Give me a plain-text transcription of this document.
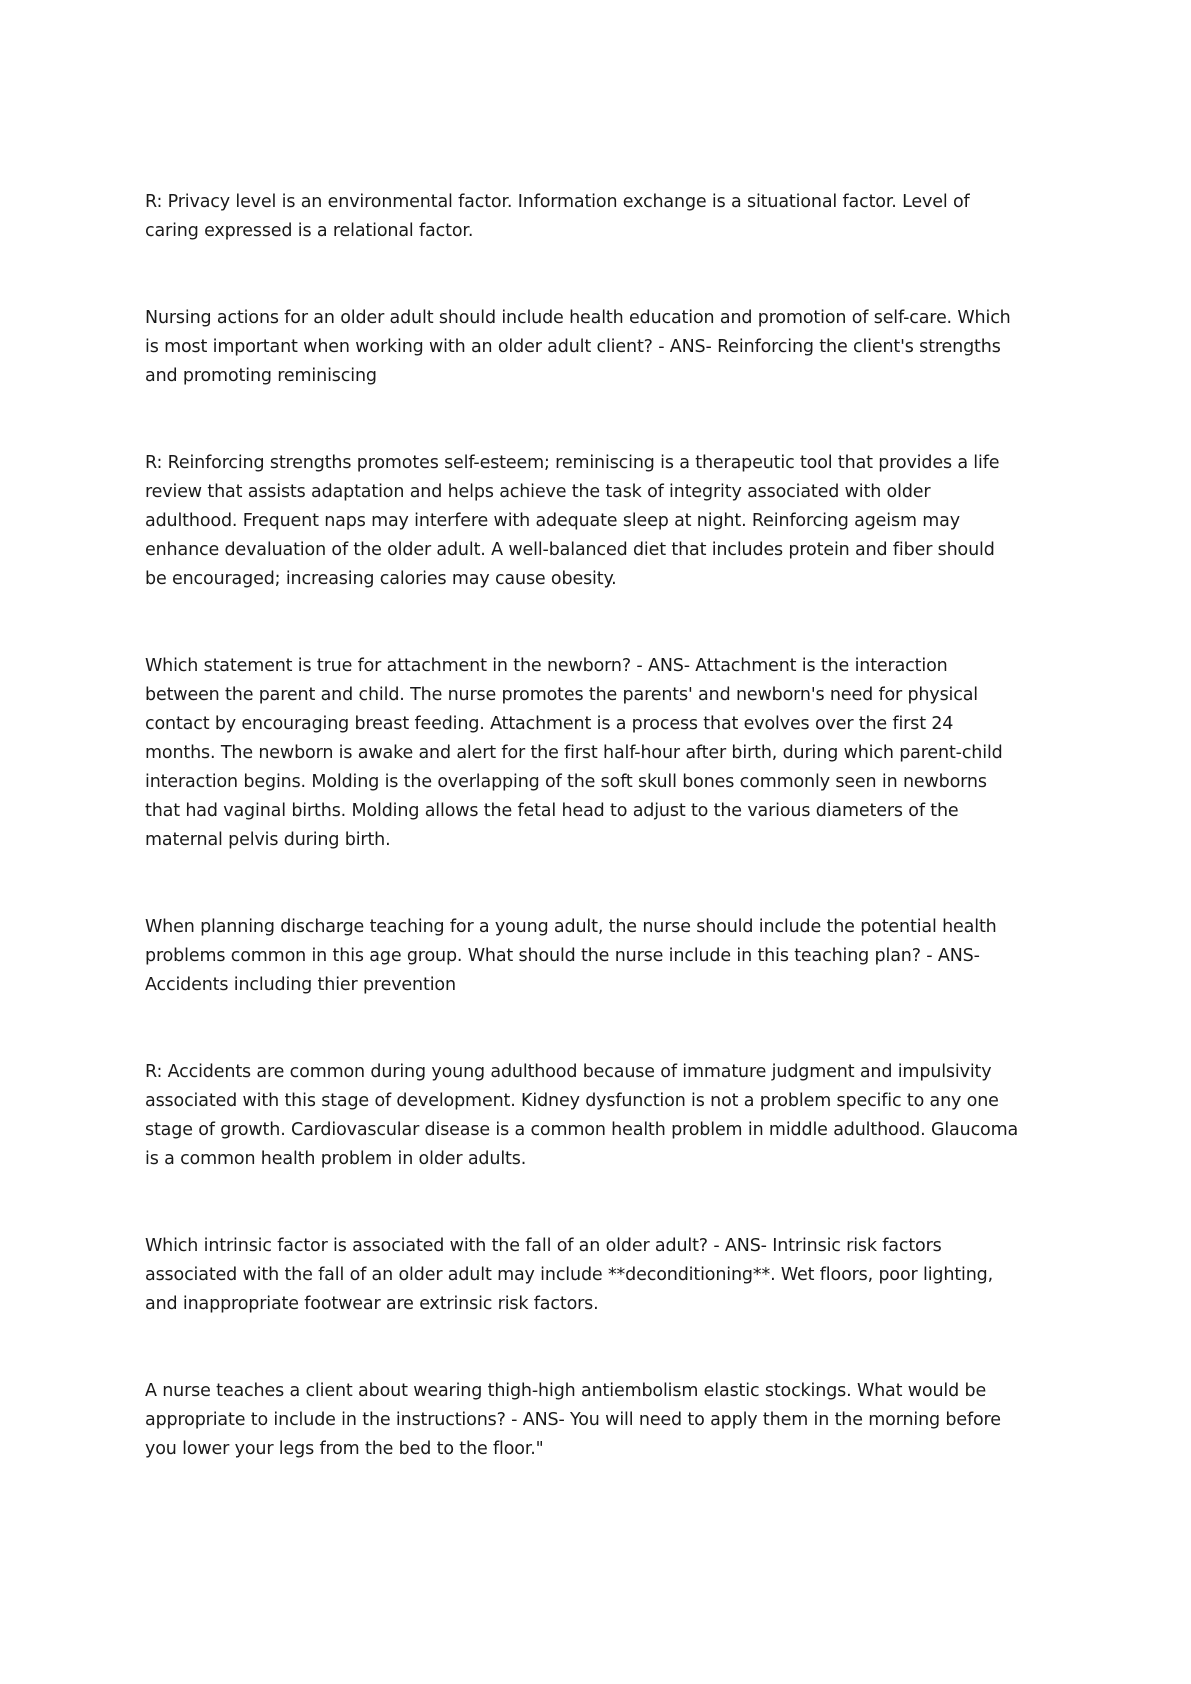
R: Privacy level is an environmental factor. Information exchange is a situational factor. Level of
caring expressed is a relational factor.

Nursing actions for an older adult should include health education and promotion of self-care. Which
is most important when working with an older adult client? - ANS- Reinforcing the client's strengths
and promoting reminiscing

R: Reinforcing strengths promotes self-esteem; reminiscing is a therapeutic tool that provides a life
review that assists adaptation and helps achieve the task of integrity associated with older
adulthood. Frequent naps may interfere with adequate sleep at night. Reinforcing ageism may
enhance devaluation of the older adult. A well-balanced diet that includes protein and fiber should
be encouraged; increasing calories may cause obesity.

Which statement is true for attachment in the newborn? - ANS- Attachment is the interaction
between the parent and child. The nurse promotes the parents' and newborn's need for physical
contact by encouraging breast feeding. Attachment is a process that evolves over the first 24
months. The newborn is awake and alert for the first half-hour after birth, during which parent-child
interaction begins. Molding is the overlapping of the soft skull bones commonly seen in newborns
that had vaginal births. Molding allows the fetal head to adjust to the various diameters of the
maternal pelvis during birth.

When planning discharge teaching for a young adult, the nurse should include the potential health
problems common in this age group. What should the nurse include in this teaching plan? - ANS-
Accidents including thier prevention

R: Accidents are common during young adulthood because of immature judgment and impulsivity
associated with this stage of development. Kidney dysfunction is not a problem specific to any one
stage of growth. Cardiovascular disease is a common health problem in middle adulthood. Glaucoma
is a common health problem in older adults.

Which intrinsic factor is associated with the fall of an older adult? - ANS- Intrinsic risk factors
associated with the fall of an older adult may include **deconditioning**. Wet floors, poor lighting,
and inappropriate footwear are extrinsic risk factors.

A nurse teaches a client about wearing thigh-high antiembolism elastic stockings. What would be
appropriate to include in the instructions? - ANS- You will need to apply them in the morning before
you lower your legs from the bed to the floor."
